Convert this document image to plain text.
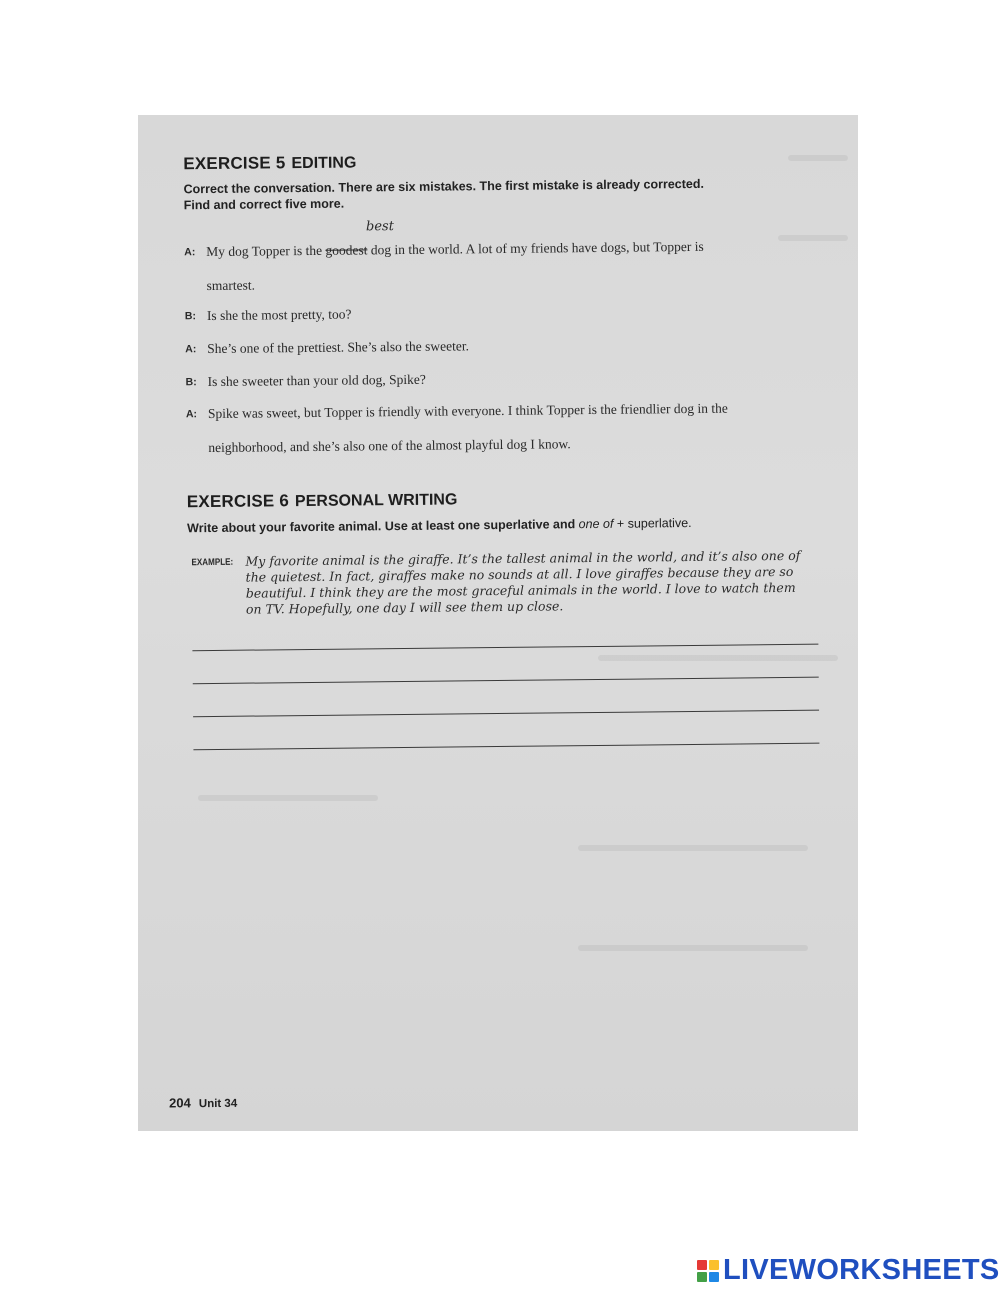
EXERCISE 5 EDITING
Correct the conversation. There are six mistakes. The first mistake is already corrected.
Find and correct five more.
best
A: My dog Topper is the goodest dog in the world. A lot of my friends have dogs, but Topper is
smartest.
B: Is she the most pretty, too?
A: She’s one of the prettiest. She’s also the sweeter.
B: Is she sweeter than your old dog, Spike?
A: Spike was sweet, but Topper is friendly with everyone. I think Topper is the friendlier dog in the
neighborhood, and she’s also one of the almost playful dog I know.
EXERCISE 6 PERSONAL WRITING
Write about your favorite animal. Use at least one superlative and one of + superlative.
EXAMPLE: My favorite animal is the giraffe. It’s the tallest animal in the world, and it’s also one of
the quietest. In fact, giraffes make no sounds at all. I love giraffes because they are so
beautiful. I think they are the most graceful animals in the world. I love to watch them
on TV. Hopefully, one day I will see them up close.
204 Unit 34
LIVEWORKSHEETS
